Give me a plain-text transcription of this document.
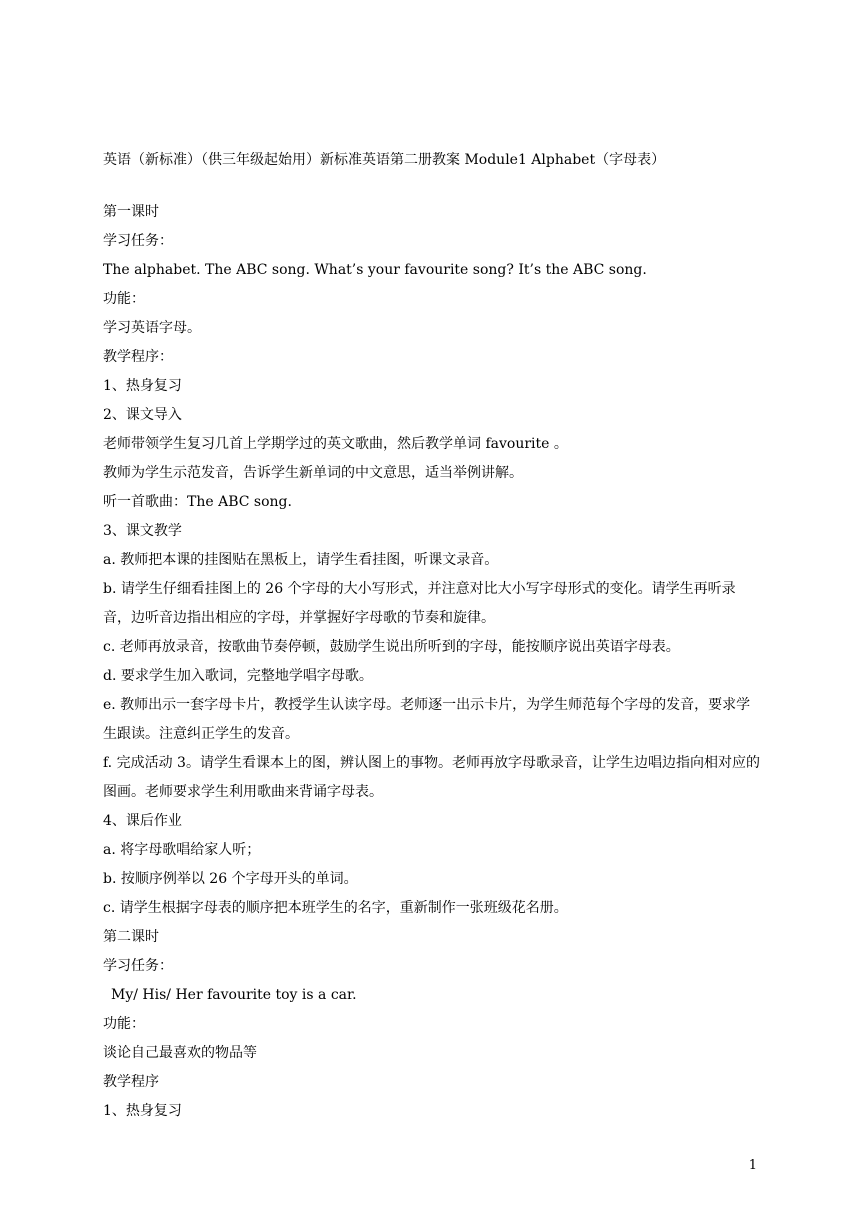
英语（新标准）（供三年级起始用）新标准英语第二册教案 Module1 Alphabet（字母表）
第一课时
学习任务：
The alphabet. The ABC song. What’s your favourite song? It’s the ABC song.
功能：
学习英语字母。
教学程序：
1、热身复习
2、课文导入
老师带领学生复习几首上学期学过的英文歌曲，然后教学单词 favourite 。
教师为学生示范发音，告诉学生新单词的中文意思，适当举例讲解。
听一首歌曲：The ABC song.
3、课文教学
a. 教师把本课的挂图贴在黑板上，请学生看挂图，听课文录音。
b. 请学生仔细看挂图上的 26 个字母的大小写形式，并注意对比大小写字母形式的变化。请学生再听录音，边听音边指出相应的字母，并掌握好字母歌的节奏和旋律。
c. 老师再放录音，按歌曲节奏停顿，鼓励学生说出所听到的字母，能按顺序说出英语字母表。
d. 要求学生加入歌词，完整地学唱字母歌。
e. 教师出示一套字母卡片，教授学生认读字母。老师逐一出示卡片，为学生师范每个字母的发音，要求学生跟读。注意纠正学生的发音。
f. 完成活动 3。请学生看课本上的图，辨认图上的事物。老师再放字母歌录音，让学生边唱边指向相对应的图画。老师要求学生利用歌曲来背诵字母表。
4、课后作业
a. 将字母歌唱给家人听；
b. 按顺序例举以 26 个字母开头的单词。
c. 请学生根据字母表的顺序把本班学生的名字，重新制作一张班级花名册。
第二课时
学习任务：
My/ His/ Her favourite toy is a car.
功能：
谈论自己最喜欢的物品等
教学程序
1、热身复习
1
